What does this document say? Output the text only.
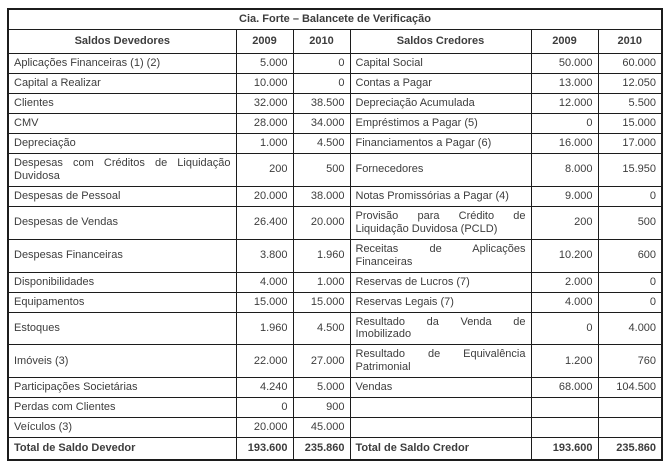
Cia. Forte – Balancete de Verificação					
Saldos Devedores	2009	2010	Saldos Credores	2009	2010
Aplicações Financeiras (1) (2)	5.000	0	Capital Social	50.000	60.000
Capital a Realizar	10.000	0	Contas a Pagar	13.000	12.050
Clientes	32.000	38.500	Depreciação Acumulada	12.000	5.500
CMV	28.000	34.000	Empréstimos a Pagar (5)	0	15.000
Depreciação	1.000	4.500	Financiamentos a Pagar (6)	16.000	17.000
Despesas com Créditos de Liquidação Duvidosa	200	500	Fornecedores	8.000	15.950
Despesas de Pessoal	20.000	38.000	Notas Promissórias a Pagar (4)	9.000	0
Despesas de Vendas	26.400	20.000	Provisão para Crédito de Liquidação Duvidosa (PCLD)	200	500
Despesas Financeiras	3.800	1.960	Receitas de Aplicações Financeiras	10.200	600
Disponibilidades	4.000	1.000	Reservas de Lucros (7)	2.000	0
Equipamentos	15.000	15.000	Reservas Legais (7)	4.000	0
Estoques	1.960	4.500	Resultado da Venda de Imobilizado	0	4.000
Imóveis (3)	22.000	27.000	Resultado de Equivalência Patrimonial	1.200	760
Participações Societárias	4.240	5.000	Vendas	68.000	104.500
Perdas com Clientes	0	900			
Veículos (3)	20.000	45.000			
Total de Saldo Devedor	193.600	235.860	Total de Saldo Credor	193.600	235.860
